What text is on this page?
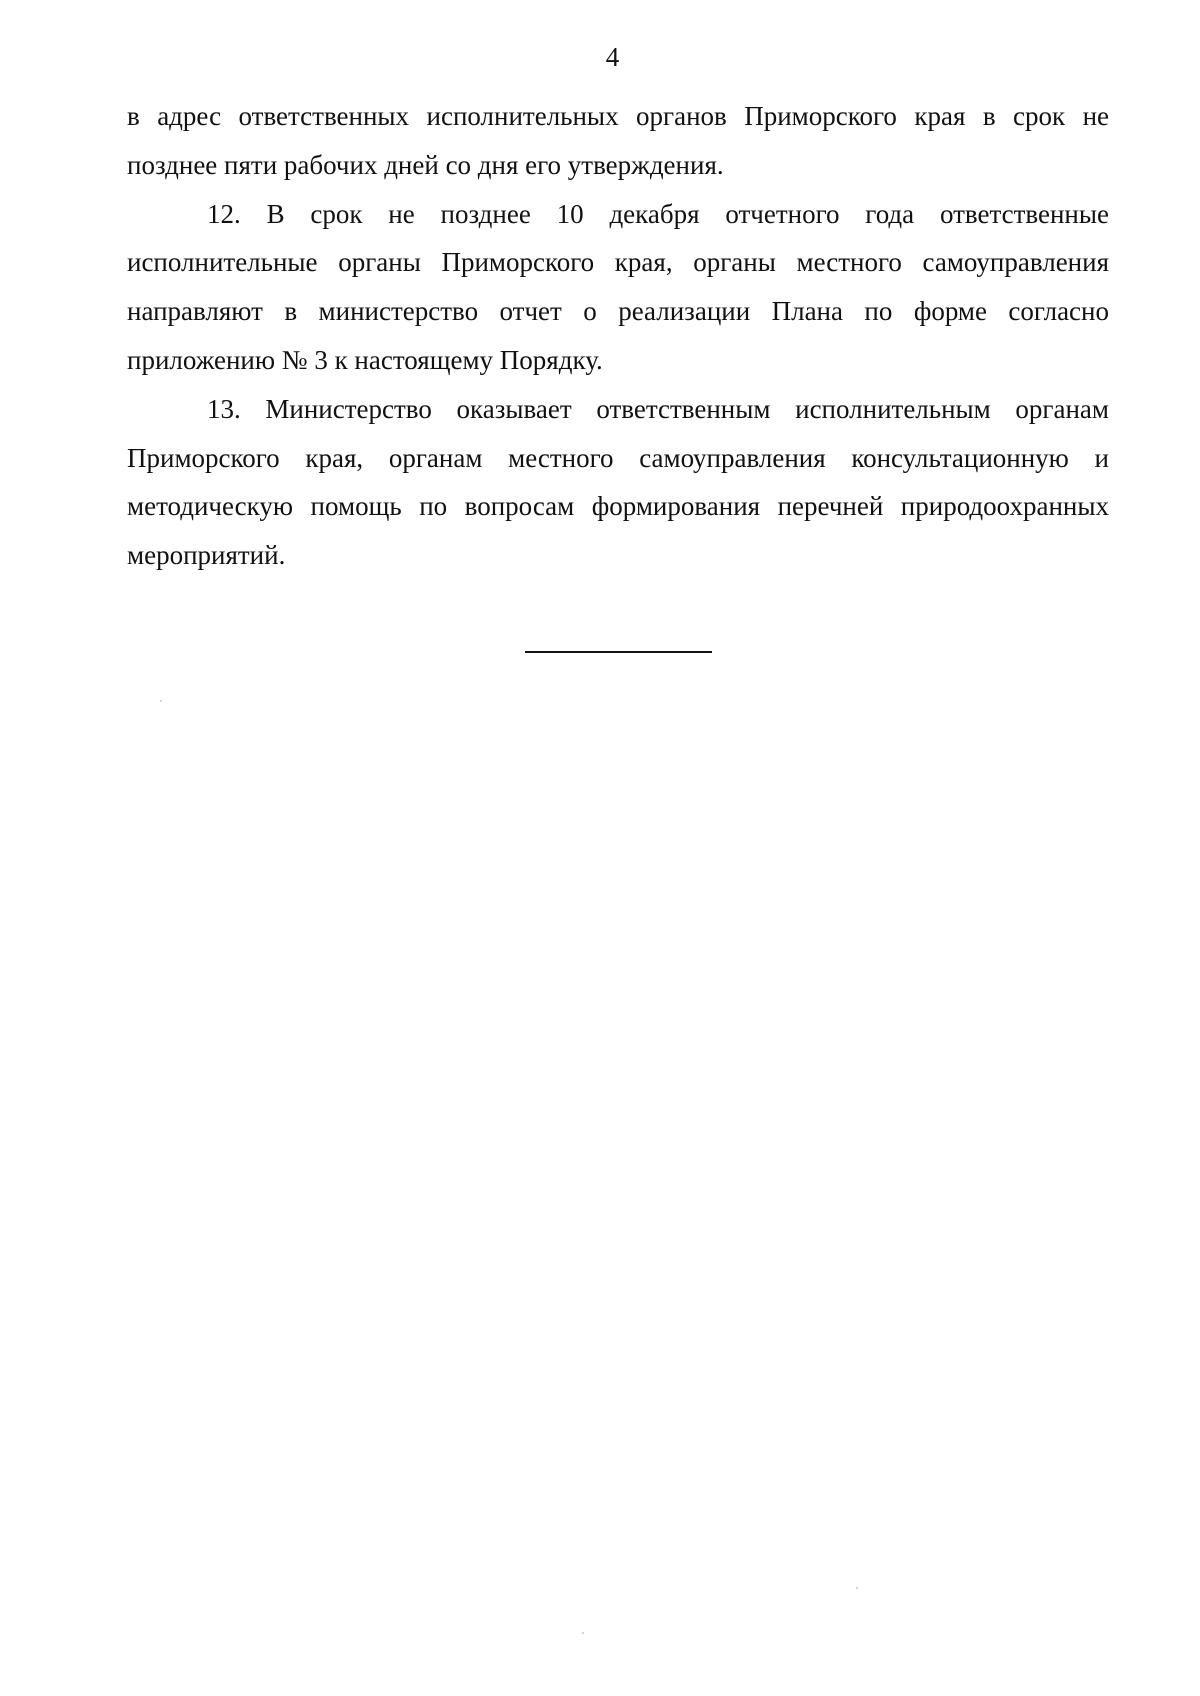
4

в адрес ответственных исполнительных органов Приморского края в срок не позднее пяти рабочих дней со дня его утверждения.

12. В срок не позднее 10 декабря отчетного года ответственные исполнительные органы Приморского края, органы местного самоуправления направляют в министерство отчет о реализации Плана по форме согласно приложению № 3 к настоящему Порядку.

13. Министерство оказывает ответственным исполнительным органам Приморского края, органам местного самоуправления консультационную и методическую помощь по вопросам формирования перечней природоохранных мероприятий.
